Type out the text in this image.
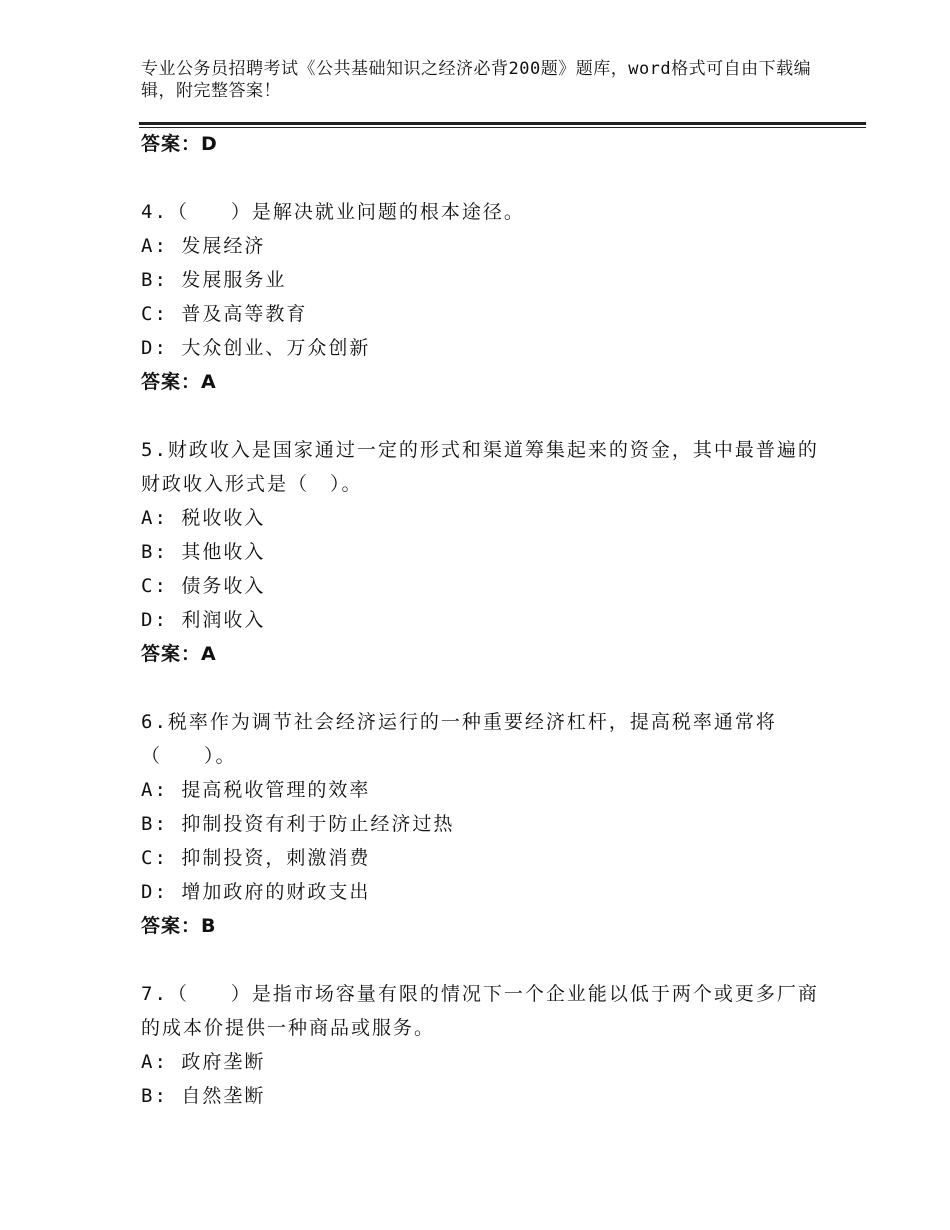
专业公务员招聘考试《公共基础知识之经济必背200题》题库，word格式可自由下载编辑，附完整答案！
答案：D
4.（　　）是解决就业问题的根本途径。
A: 发展经济
B: 发展服务业
C: 普及高等教育
D: 大众创业、万众创新
答案：A
5.财政收入是国家通过一定的形式和渠道筹集起来的资金，其中最普遍的财政收入形式是（　）。
A: 税收收入
B: 其他收入
C: 债务收入
D: 利润收入
答案：A
6.税率作为调节社会经济运行的一种重要经济杠杆，提高税率通常将（　　）。
A: 提高税收管理的效率
B: 抑制投资有利于防止经济过热
C: 抑制投资，刺激消费
D: 增加政府的财政支出
答案：B
7.（　　）是指市场容量有限的情况下一个企业能以低于两个或更多厂商的成本价提供一种商品或服务。
A: 政府垄断
B: 自然垄断
